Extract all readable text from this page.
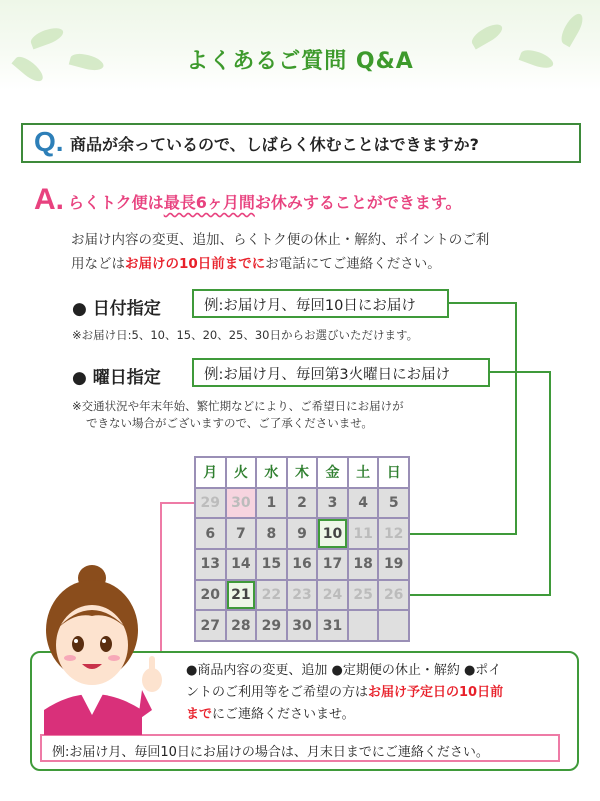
よくあるご質問 Q&A
Q. 商品が余っているので、しばらく休むことはできますか?
A. らくトク便は最長6ヶ月間お休みすることができます。
お届け内容の変更、追加、らくトク便の休止・解約、ポイントのご利
用などはお届けの10日前までにお電話にてご連絡ください。
● 日付指定	例:お届け月、毎回10日にお届け
※お届け日:5、10、15、20、25、30日からお選びいただけます。
● 曜日指定	例:お届け月、毎回第3火曜日にお届け
※交通状況や年末年始、繁忙期などにより、ご希望日にお届けが
できない場合がございますので、ご了承くださいませ。
月	火	水	木	金	土	日
29	30	1	2	3	4	5
6	7	8	9	10	11	12
13	14	15	16	17	18	19
20	21	22	23	24	25	26
27	28	29	30	31		
●商品内容の変更、追加 ●定期便の休止・解約 ●ポイ
ントのご利用等をご希望の方はお届け予定日の10日前
までにご連絡くださいませ。
例:お届け月、毎回10日にお届けの場合は、月末日までにご連絡ください。
